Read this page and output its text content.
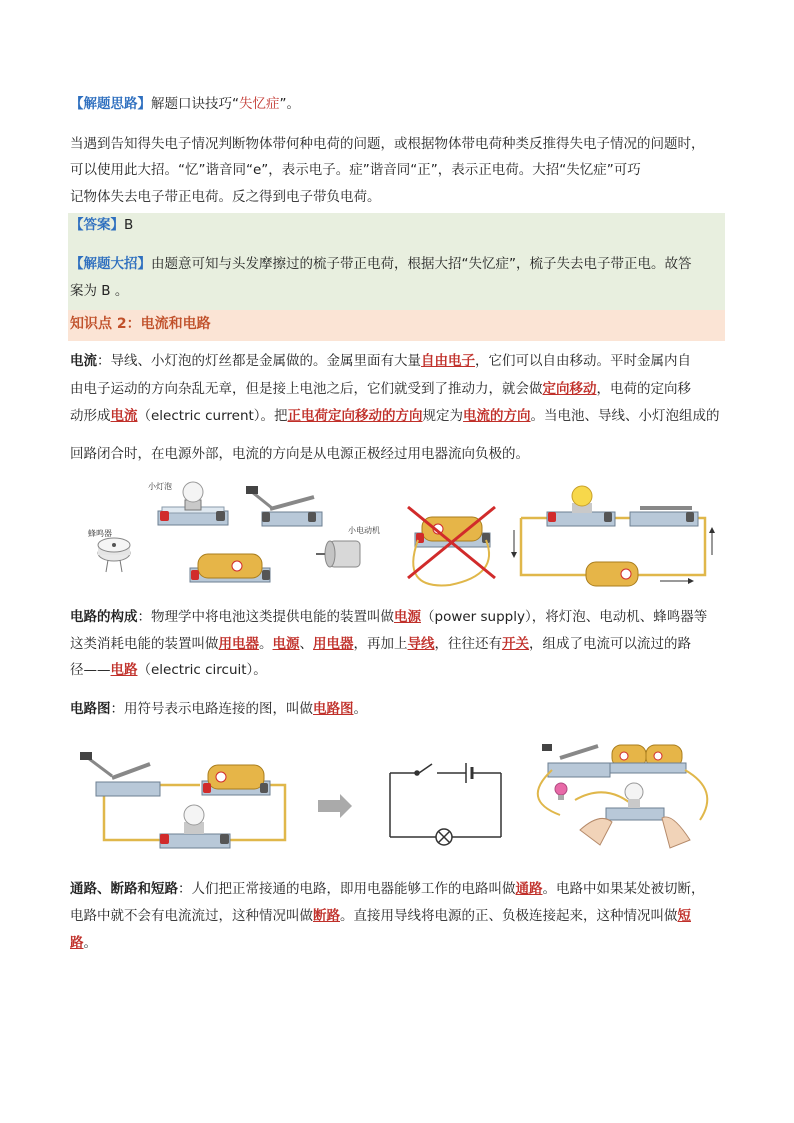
【解题思路】解题口诀技巧“失忆症”。
当遇到告知得失电子情况判断物体带何种电荷的问题，或根据物体带电荷种类反推得失电子情况的问题时，
可以使用此大招。“忆”谐音同“e”，表示电子。症”谐音同“正”，表示正电荷。大招“失忆症”可巧
记物体失去电子带正电荷。反之得到电子带负电荷。
【答案】B
【解题大招】由题意可知与头发摩擦过的梳子带正电荷，根据大招“失忆症”，梳子失去电子带正电。故答
案为 B 。
知识点 2：电流和电路
电流：导线、小灯泡的灯丝都是金属做的。金属里面有大量自由电子，它们可以自由移动。平时金属内自
由电子运动的方向杂乱无章，但是接上电池之后，它们就受到了推动力，就会做定向移动，电荷的定向移
动形成电流（electric current）。把正电荷定向移动的方向规定为电流的方向。当电池、导线、小灯泡组成的
回路闭合时，在电源外部，电流的方向是从电源正极经过用电器流向负极的。
小灯泡
蜂鸣器	小电动机
电路的构成：物理学中将电池这类提供电能的装置叫做电源（power supply），将灯泡、电动机、蜂鸣器等
这类消耗电能的装置叫做用电器。电源、用电器，再加上导线，往往还有开关，组成了电流可以流过的路
径——电路（electric circuit）。
电路图：用符号表示电路连接的图，叫做电路图。
通路、断路和短路：人们把正常接通的电路，即用电器能够工作的电路叫做通路。电路中如果某处被切断，
电路中就不会有电流流过，这种情况叫做断路。直接用导线将电源的正、负极连接起来，这种情况叫做短
路。
